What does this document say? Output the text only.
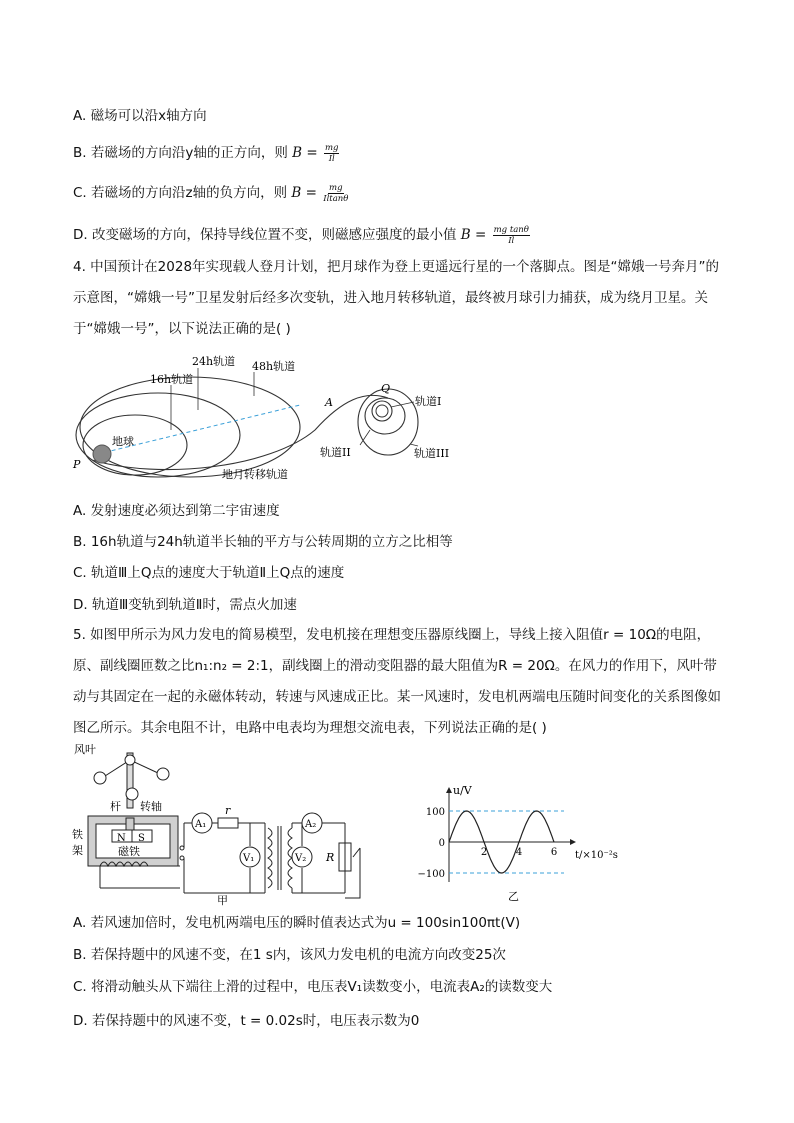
A. 磁场可以沿x轴方向
B. 若磁场的方向沿y轴的正方向，则 $B = \frac{mg}{Il}$
C. 若磁场的方向沿z轴的负方向，则 $B = \frac{mg}{Iltan\theta}$
D. 改变磁场的方向，保持导线位置不变，则磁感应强度的最小值 $B = \frac{\text{mg tanθ}}{Il}$
4. 中国预计在2028年实现载人登月计划，把月球作为登上更遥远行星的一个落脚点。图是“嫦娥一号奔月”的示意图，“嫦娥一号”卫星发射后经多次变轨，进入地月转移轨道，最终被月球引力捕获，成为绕月卫星。关于“嫦娥一号”，以下说法正确的是( )
16h轨道
24h轨道 48h轨道
地球
地月转移轨道
P
A
Q
轨道I
轨道II	轨道III
A. 发射速度必须达到第二宇宙速度
B. 16h轨道与24h轨道半长轴的平方与公转周期的立方之比相等
C. 轨道Ⅲ上Q点的速度大于轨道Ⅱ上Q点的速度
D. 轨道Ⅲ变轨到轨道Ⅱ时，需点火加速
5. 如图甲所示为风力发电的简易模型，发电机接在理想变压器原线圈上，导线上接入阻值r = 10Ω的电阻，原、副线圈匝数之比n₁:n₂ = 2:1，副线圈上的滑动变阻器的最大阻值为R = 20Ω。在风力的作用下，风叶带动与其固定在一起的永磁体转动，转速与风速成正比。某一风速时，发电机两端电压随时间变化的关系图像如图乙所示。其余电阻不计，电路中电表均为理想交流电表，下列说法正确的是( )
风叶
杆 转轴
铁
架	磁铁
N S
A₁	A₂
V₁	V₂
r
R
甲
100
0
−100
2	4	6
u/V
t/×10⁻²s
乙
A. 若风速加倍时，发电机两端电压的瞬时值表达式为u = 100sin100πt(V)
B. 若保持题中的风速不变，在1 s内，该风力发电机的电流方向改变25次
C. 将滑动触头从下端往上滑的过程中，电压表V₁读数变小，电流表A₂的读数变大
D. 若保持题中的风速不变，t = 0.02s时，电压表示数为0
